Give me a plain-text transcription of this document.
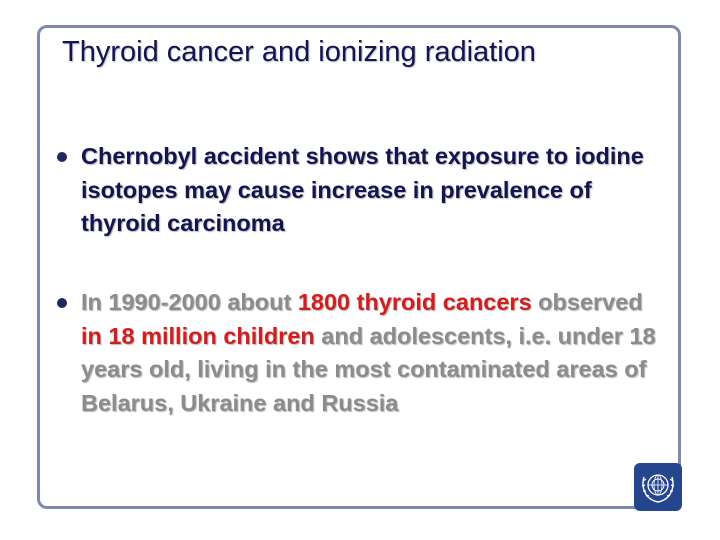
Thyroid cancer and ionizing radiation
Chernobyl accident shows that exposure to iodine isotopes may cause increase in prevalence of thyroid carcinoma
In 1990-2000 about 1800 thyroid cancers observed in 18 million children and adolescents, i.e. under 18 years old, living in the most contaminated areas of Belarus, Ukraine and Russia
